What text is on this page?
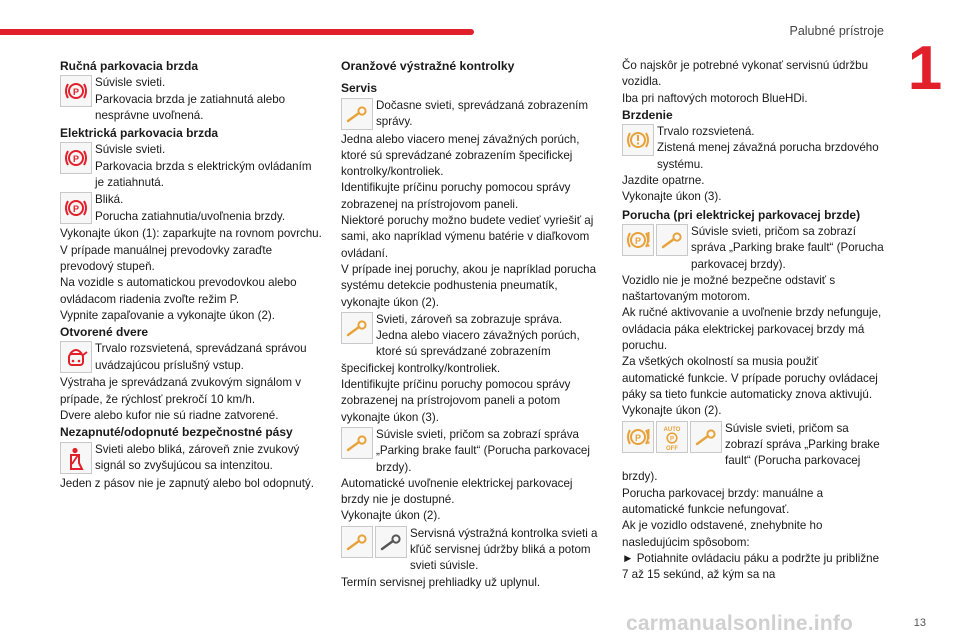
Palubné prístroje
1

Ručná parkovacia brzda

P

Súvisle svieti.
Parkovacia brzda je zatiahnutá alebo nesprávne uvoľnená.

Elektrická parkovacia brzda

P

Súvisle svieti.
Parkovacia brzda s elektrickým ovládaním je zatiahnutá.

P

Bliká.
Porucha zatiahnutia/uvoľnenia brzdy.

Vykonajte úkon (1): zaparkujte na rovnom povrchu.
V prípade manuálnej prevodovky zaraďte prevodový stupeň.
Na vozidle s automatickou prevodovkou alebo ovládacom riadenia zvoľte režim P.
Vypnite zapaľovanie a vykonajte úkon (2).

Otvorené dvere

Trvalo rozsvietená, sprevádzaná správou uvádzajúcou príslušný vstup.

Výstraha je sprevádzaná zvukovým signálom v prípade, že rýchlosť prekročí 10 km/h.
Dvere alebo kufor nie sú riadne zatvorené.

Nezapnuté/odopnuté bezpečnostné pásy

Svieti alebo bliká, zároveň znie zvukový signál so zvyšujúcou sa intenzitou.

Jeden z pásov nie je zapnutý alebo bol odopnutý.

Oranžové výstražné kontrolky

Servis

Dočasne svieti, sprevádzaná zobrazením správy.

Jedna alebo viacero menej závažných porúch, ktoré sú sprevádzané zobrazením špecifickej kontrolky/kontroliek.
Identifikujte príčinu poruchy pomocou správy zobrazenej na prístrojovom paneli.
Niektoré poruchy možno budete vedieť vyriešiť aj sami, ako napríklad výmenu batérie v diaľkovom ovládaní.
V prípade inej poruchy, akou je napríklad porucha systému detekcie podhustenia pneumatík, vykonajte úkon (2).

Svieti, zároveň sa zobrazuje správa.
Jedna alebo viacero závažných porúch, ktoré sú sprevádzané zobrazením špecifickej kontrolky/kontroliek.
Identifikujte príčinu poruchy pomocou správy zobrazenej na prístrojovom paneli a potom vykonajte úkon (3).

Súvisle svieti, pričom sa zobrazí správa „Parking brake fault“ (Porucha parkovacej brzdy).
Automatické uvoľnenie elektrickej parkovacej brzdy nie je dostupné.
Vykonajte úkon (2).

Servisná výstražná kontrolka svieti a kľúč servisnej údržby bliká a potom svieti súvisle.
Termín servisnej prehliadky už uplynul.

Čo najskôr je potrebné vykonať servisnú údržbu vozidla.
Iba pri naftových motoroch BlueHDi.

Brzdenie

Trvalo rozsvietená.
Zistená menej závažná porucha brzdového systému.
Jazdite opatrne.
Vykonajte úkon (3).

Porucha (pri elektrickej parkovacej brzde)

P

Súvisle svieti, pričom sa zobrazí správa „Parking brake fault“ (Porucha parkovacej brzdy).
Vozidlo nie je možné bezpečne odstaviť s naštartovaným motorom.
Ak ručné aktivovanie a uvoľnenie brzdy nefunguje, ovládacia páka elektrickej parkovacej brzdy má poruchu.
Za všetkých okolností sa musia použiť automatické funkcie. V prípade poruchy ovládacej páky sa tieto funkcie automaticky znova aktivujú.
Vykonajte úkon (2).

P
AUTO
P
OFF

Súvisle svieti, pričom sa zobrazí správa „Parking brake fault“ (Porucha parkovacej brzdy).
Porucha parkovacej brzdy: manuálne a automatické funkcie nefungovať.
Ak je vozidlo odstavené, znehybnite ho nasledujúcim spôsobom:
► Potiahnite ovládaciu páku a podržte ju približne 7 až 15 sekúnd, až kým sa na

carmanualsonline.info	13
